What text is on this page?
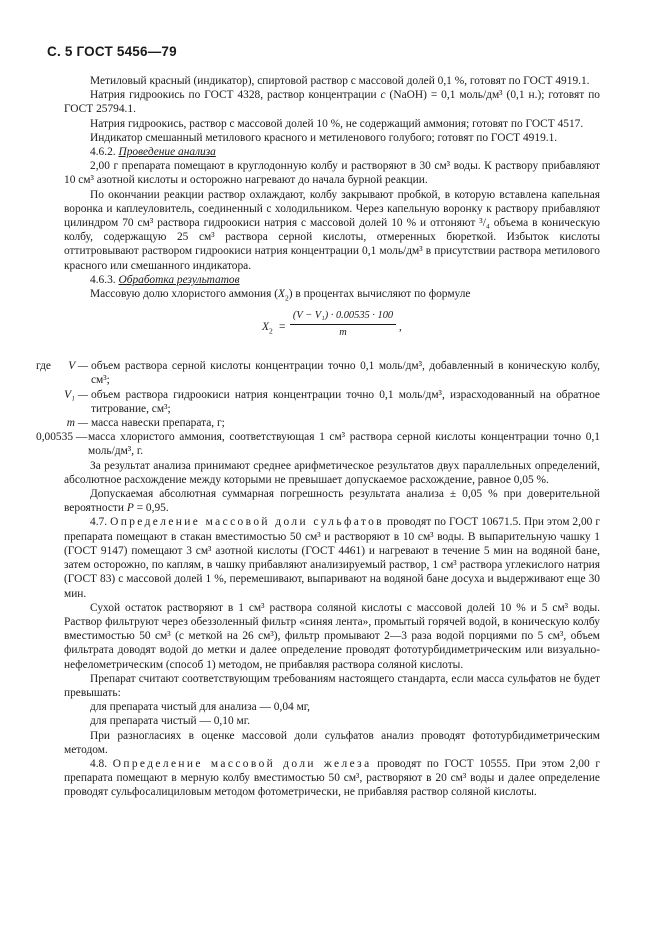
С. 5 ГОСТ 5456—79

Метиловый красный (индикатор), спиртовой раствор с массовой долей 0,1 %, готовят по ГОСТ 4919.1.

Натрия гидроокись по ГОСТ 4328, раствор концентрации c (NaOH) = 0,1 моль/дм³ (0,1 н.); готовят по ГОСТ 25794.1.

Натрия гидроокись, раствор с массовой долей 10 %, не содержащий аммония; готовят по ГОСТ 4517.

Индикатор смешанный метилового красного и метиленового голубого; готовят по ГОСТ 4919.1.

4.6.2. Проведение анализа

2,00 г препарата помещают в круглодонную колбу и растворяют в 30 см³ воды. К раствору прибавляют 10 см³ азотной кислоты и осторожно нагревают до начала бурной реакции.

По окончании реакции раствор охлаждают, колбу закрывают пробкой, в которую вставлена капельная воронка и каплеуловитель, соединенный с холодильником. Через капельную воронку к раствору прибавляют цилиндром 70 см³ раствора гидроокиси натрия с массовой долей 10 % и отгоняют ³/₄ объема в коническую колбу, содержащую 25 см³ раствора серной кислоты, отмеренных бюреткой. Избыток кислоты оттитровывают раствором гидроокиси натрия концентрации 0,1 моль/дм³ в присутствии раствора метилового красного или смешанного индикатора.

4.6.3. Обработка результатов

Массовую долю хлористого аммония $(X_2)$ в процентах вычисляют по формуле

$X_2 = \frac{\text{(V − V₁) · 0.00535 · 100}}{m}$ ,
где	V — объем раствора серной кислоты концентрации точно 0,1 моль/дм³, добавленный в коническую колбу, см³;
V₁ — объем раствора гидроокиси натрия концентрации точно 0,1 моль/дм³, израсходованный на обратное титрование, см³;
m — масса навески препарата, г;
0,00535 — масса хлористого аммония, соответствующая 1 см³ раствора серной кислоты концентрации точно 0,1 моль/дм³, г.

За результат анализа принимают среднее арифметическое результатов двух параллельных определений, абсолютное расхождение между которыми не превышает допускаемое расхождение, равное 0,05 %.

Допускаемая абсолютная суммарная погрешность результата анализа ± 0,05 % при доверительной вероятности P = 0,95.

4.7. Определение массовой доли сульфатов проводят по ГОСТ 10671.5. При этом 2,00 г препарата помещают в стакан вместимостью 50 см³ и растворяют в 10 см³ воды. В выпарительную чашку 1 (ГОСТ 9147) помещают 3 см³ азотной кислоты (ГОСТ 4461) и нагревают в течение 5 мин на водяной бане, затем осторожно, по каплям, в чашку прибавляют анализируемый раствор, 1 см³ раствора углекислого натрия (ГОСТ 83) с массовой долей 1 %, перемешивают, выпаривают на водяной бане досуха и выдерживают еще 30 мин.

Сухой остаток растворяют в 1 см³ раствора соляной кислоты с массовой долей 10 % и 5 см³ воды. Раствор фильтруют через обеззоленный фильтр «синяя лента», промытый горячей водой, в коническую колбу вместимостью 50 см³ (с меткой на 26 см³), фильтр промывают 2—3 раза водой порциями по 5 см³, объем фильтрата доводят водой до метки и далее определение проводят фототурбидиметрическим или визуально-нефелометрическим (способ 1) методом, не прибавляя раствора соляной кислоты.

Препарат считают соответствующим требованиям настоящего стандарта, если масса сульфатов не будет превышать:

для препарата чистый для анализа — 0,04 мг,

для препарата чистый — 0,10 мг.

При разногласиях в оценке массовой доли сульфатов анализ проводят фототурбидиметрическим методом.

4.8. Определение массовой доли железа проводят по ГОСТ 10555. При этом 2,00 г препарата помещают в мерную колбу вместимостью 50 см³, растворяют в 20 см³ воды и далее определение проводят сульфосалициловым методом фотометрически, не прибавляя раствор соляной кислоты.
